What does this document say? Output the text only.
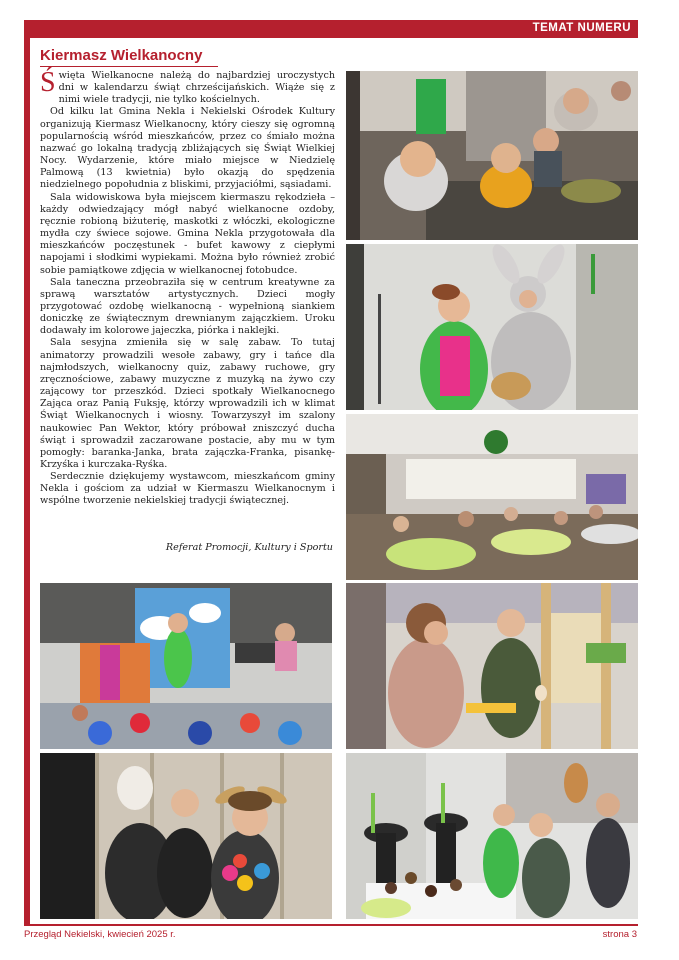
TEMAT NUMERU
Kiermasz Wielkanocny

Święta Wielkanocne należą do najbardziej uroczystych dni w kalendarzu świąt chrześcijańskich. Wiąże się z nimi wiele tradycji, nie tylko kościelnych.

Od kilku lat Gmina Nekla i Nekielski Ośrodek Kultury organizują Kiermasz Wielkanocny, który cieszy się ogromną popularnością wśród mieszkańców, przez co śmiało można nazwać go lokalną tradycją zbliżających się Świąt Wielkiej Nocy. Wydarzenie, które miało miejsce w Niedzielę Palmową (13 kwietnia) było okazją do spędzenia niedzielnego popołudnia z bliskimi, przyjaciółmi, sąsiadami.

Sala widowiskowa była miejscem kiermaszu rękodzieła – każdy odwiedzający mógł nabyć wielkanocne ozdoby, ręcznie robioną biżuterię, maskotki z włóczki, ekologiczne mydła czy świece sojowe. Gmina Nekla przygotowała dla mieszkańców poczęstunek - bufet kawowy z ciepłymi napojami i słodkimi wypiekami. Można było również zrobić sobie pamiątkowe zdjęcia w wielkanocnej fotobudce.

Sala taneczna przeobraziła się w centrum kreatywne za sprawą warsztatów artystycznych. Dzieci mogły przygotować ozdobę wielkanocną - wypełnioną siankiem doniczkę ze świątecznym drewnianym zajączkiem. Uroku dodawały im kolorowe jajeczka, piórka i naklejki.

Sala sesyjna zmieniła się w salę zabaw. To tutaj animatorzy prowadzili wesołe zabawy, gry i tańce dla najmłodszych, wielkanocny quiz, zabawy ruchowe, gry zręcznościowe, zabawy muzyczne z muzyką na żywo czy zającowy tor przeszkód. Dzieci spotkały Wielkanocnego Zająca oraz Panią Fuksję, którzy wprowadzili ich w klimat Świąt Wielkanocnych i wiosny. Towarzyszył im szalony naukowiec Pan Wektor, który próbował zniszczyć ducha świąt i sprowadził zaczarowane postacie, aby mu w tym pomogły: baranka-Janka, brata zajączka-Franka, pisankę-Krzyśka i kurczaka-Ryśka.

Serdecznie dziękujemy wystawcom, mieszkańcom gminy Nekla i gościom za udział w Kiermaszu Wielkanocnym i wspólne tworzenie nekielskiej tradycji świątecznej.

Referat Promocji, Kultury i Sportu
Przegląd Nekielski, kwiecień 2025 r.	strona 3
